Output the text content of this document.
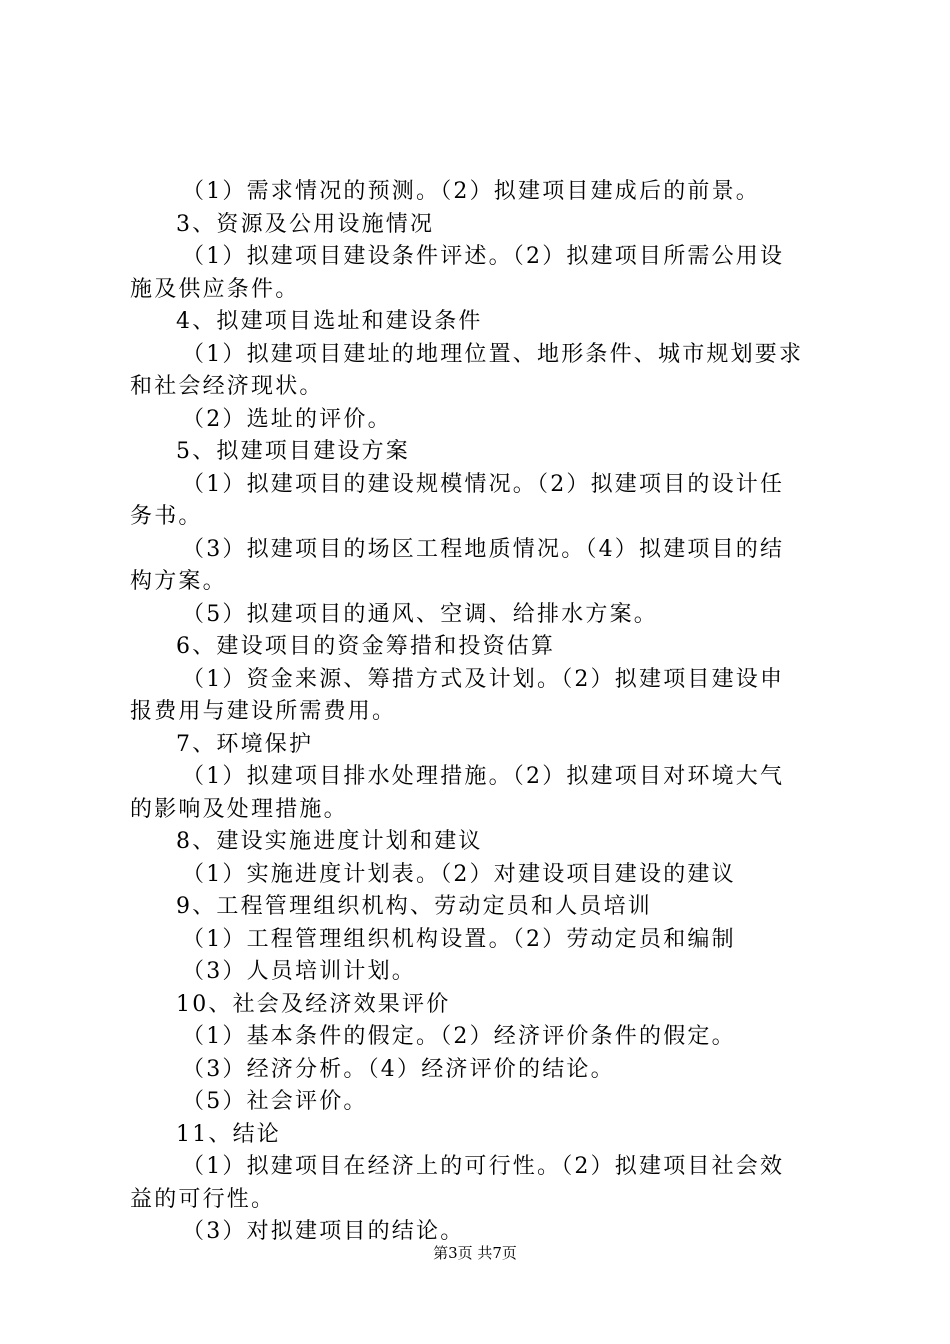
（1）需求情况的预测。（2）拟建项目建成后的前景。
3、资源及公用设施情况
（1）拟建项目建设条件评述。（2）拟建项目所需公用设
施及供应条件。
4、拟建项目选址和建设条件
（1）拟建项目建址的地理位置、地形条件、城市规划要求
和社会经济现状。
（2）选址的评价。
5、拟建项目建设方案
（1）拟建项目的建设规模情况。（2）拟建项目的设计任
务书。
（3）拟建项目的场区工程地质情况。（4）拟建项目的结
构方案。
（5）拟建项目的通风、空调、给排水方案。
6、建设项目的资金筹措和投资估算
（1）资金来源、筹措方式及计划。（2）拟建项目建设申
报费用与建设所需费用。
7、环境保护
（1）拟建项目排水处理措施。（2）拟建项目对环境大气
的影响及处理措施。
8、建设实施进度计划和建议
（1）实施进度计划表。（2）对建设项目建设的建议
9、工程管理组织机构、劳动定员和人员培训
（1）工程管理组织机构设置。（2）劳动定员和编制
（3）人员培训计划。
10、社会及经济效果评价
（1）基本条件的假定。（2）经济评价条件的假定。
（3）经济分析。（4）经济评价的结论。
（5）社会评价。
11、结论
（1）拟建项目在经济上的可行性。（2）拟建项目社会效
益的可行性。
（3）对拟建项目的结论。
第3页 共7页
